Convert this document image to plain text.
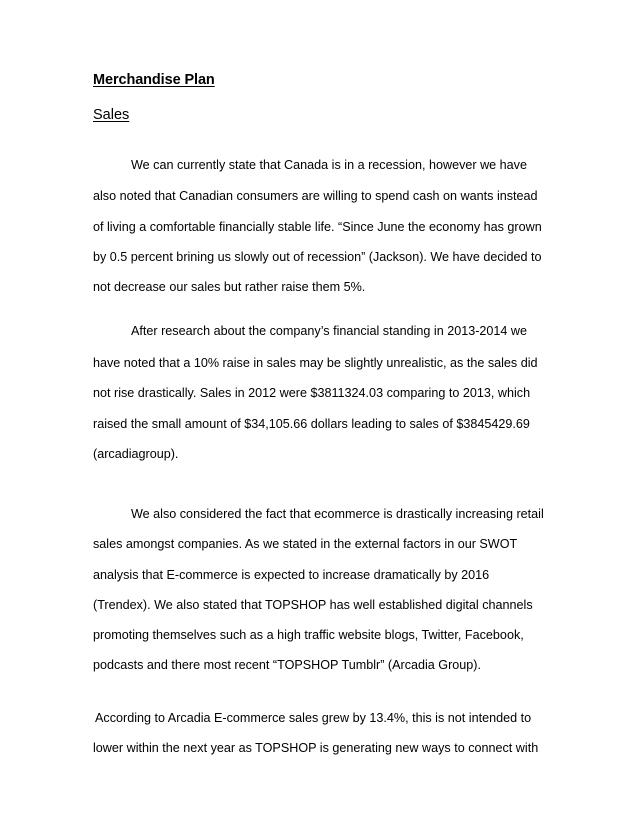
Merchandise Plan
Sales
We can currently state that Canada is in a recession, however we have
also noted that Canadian consumers are willing to spend cash on wants instead
of living a comfortable financially stable life. “Since June the economy has grown
by 0.5 percent brining us slowly out of recession” (Jackson). We have decided to
not decrease our sales but rather raise them 5%.
After research about the company’s financial standing in 2013-2014 we
have noted that a 10% raise in sales may be slightly unrealistic, as the sales did
not rise drastically. Sales in 2012 were $3811324.03 comparing to 2013, which
raised the small amount of $34,105.66 dollars leading to sales of $3845429.69
(arcadiagroup).
We also considered the fact that ecommerce is drastically increasing retail
sales amongst companies. As we stated in the external factors in our SWOT
analysis that E-commerce is expected to increase dramatically by 2016
(Trendex). We also stated that TOPSHOP has well established digital channels
promoting themselves such as a high traffic website blogs, Twitter, Facebook,
podcasts and there most recent “TOPSHOP Tumblr” (Arcadia Group).
According to Arcadia E-commerce sales grew by 13.4%, this is not intended to
lower within the next year as TOPSHOP is generating new ways to connect with
